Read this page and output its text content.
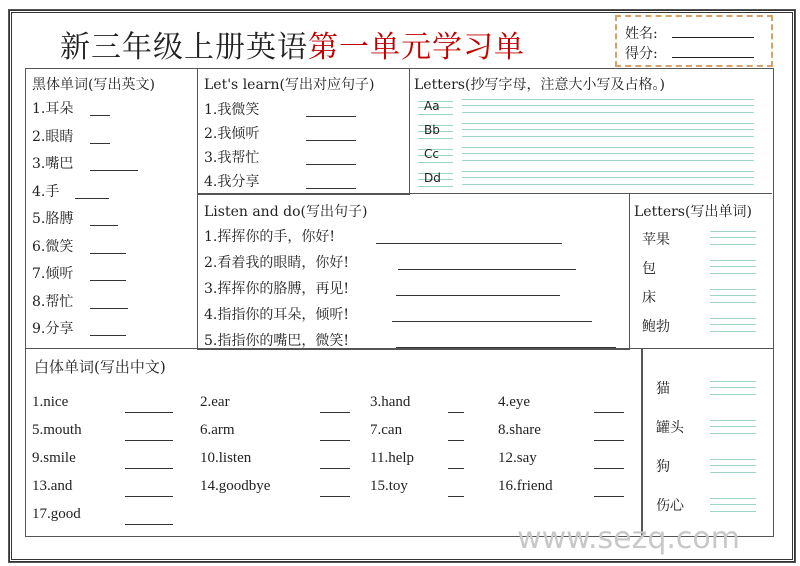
新三年级上册英语第一单元学习单	姓名:
得分:
黑体单词(写出英文)
1.耳朵
2.眼睛
3.嘴巴
4.手
5.胳膊
6.微笑
7.倾听
8.帮忙
9.分享
Let's learn(写出对应句子)
1.我微笑
2.我倾听
3.我帮忙
4.我分享
Letters(抄写字母，注意大小写及占格。)
Aa
Bb
Cc
Dd
Listen and do(写出句子)
1.挥挥你的手，你好!
2.看着我的眼睛，你好!
3.挥挥你的胳膊，再见!
4.指指你的耳朵，倾听!
5.指指你的嘴巴，微笑!
Letters(写出单词)
苹果
包
床
鲍勃
猫
罐头
狗
伤心
白体单词(写出中文)
1.nice	2.ear	3.hand	4.eye
5.mouth	6.arm	7.can	8.share
9.smile	10.listen	11.help	12.say
13.and	14.goodbye	15.toy	16.friend
17.good
www.sezq.com
